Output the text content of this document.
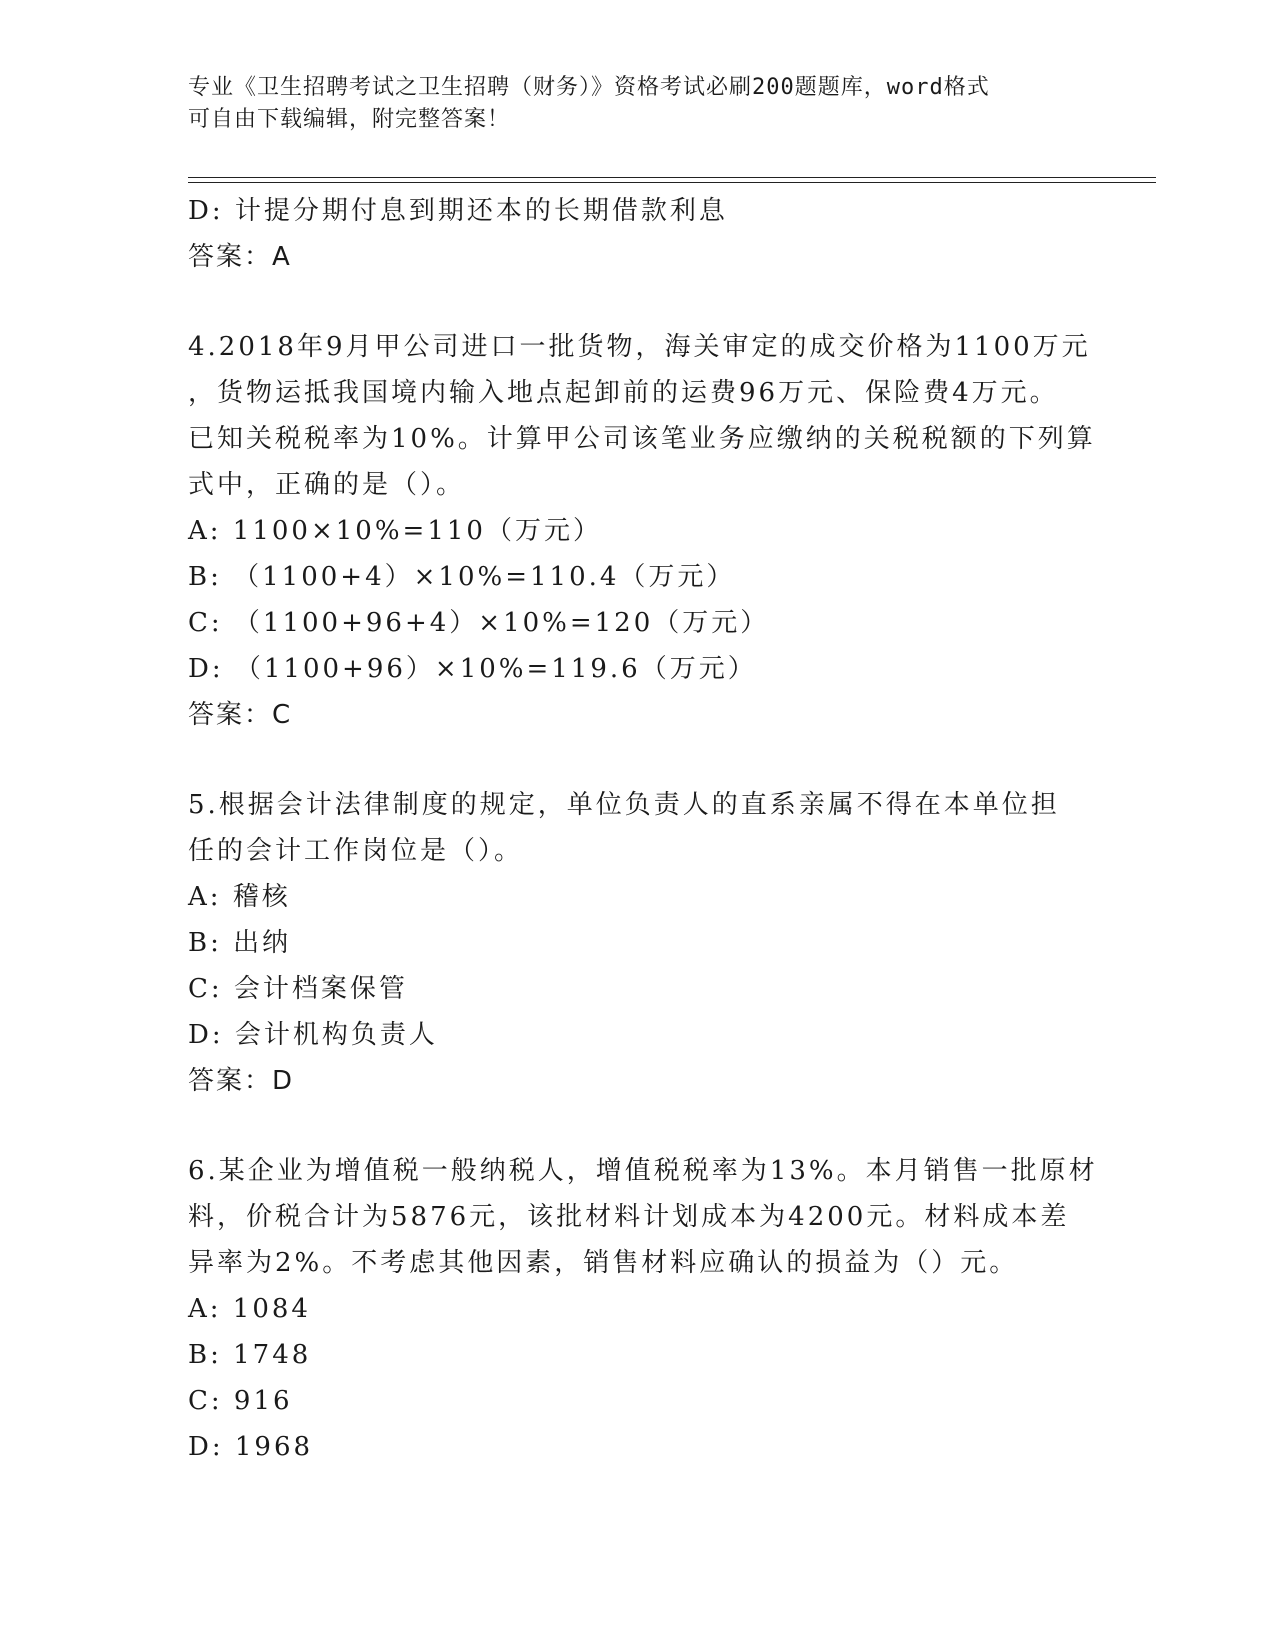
专业《卫生招聘考试之卫生招聘（财务）》资格考试必刷200题题库，word格式
可自由下载编辑，附完整答案！
D: 计提分期付息到期还本的长期借款利息
答案：A
4.2018年9月甲公司进口一批货物，海关审定的成交价格为1100万元
，货物运抵我国境内输入地点起卸前的运费96万元、保险费4万元。
已知关税税率为10%。计算甲公司该笔业务应缴纳的关税税额的下列算
式中，正确的是（）。
A: 1100×10%=110（万元）
B: （1100+4）×10%=110.4（万元）
C: （1100+96+4）×10%=120（万元）
D: （1100+96）×10%=119.6（万元）
答案：C
5.根据会计法律制度的规定，单位负责人的直系亲属不得在本单位担
任的会计工作岗位是（）。
A: 稽核
B: 出纳
C: 会计档案保管
D: 会计机构负责人
答案：D
6.某企业为增值税一般纳税人，增值税税率为13%。本月销售一批原材
料，价税合计为5876元，该批材料计划成本为4200元。材料成本差
异率为2%。不考虑其他因素，销售材料应确认的损益为（）元。
A: 1084
B: 1748
C: 916
D: 1968
